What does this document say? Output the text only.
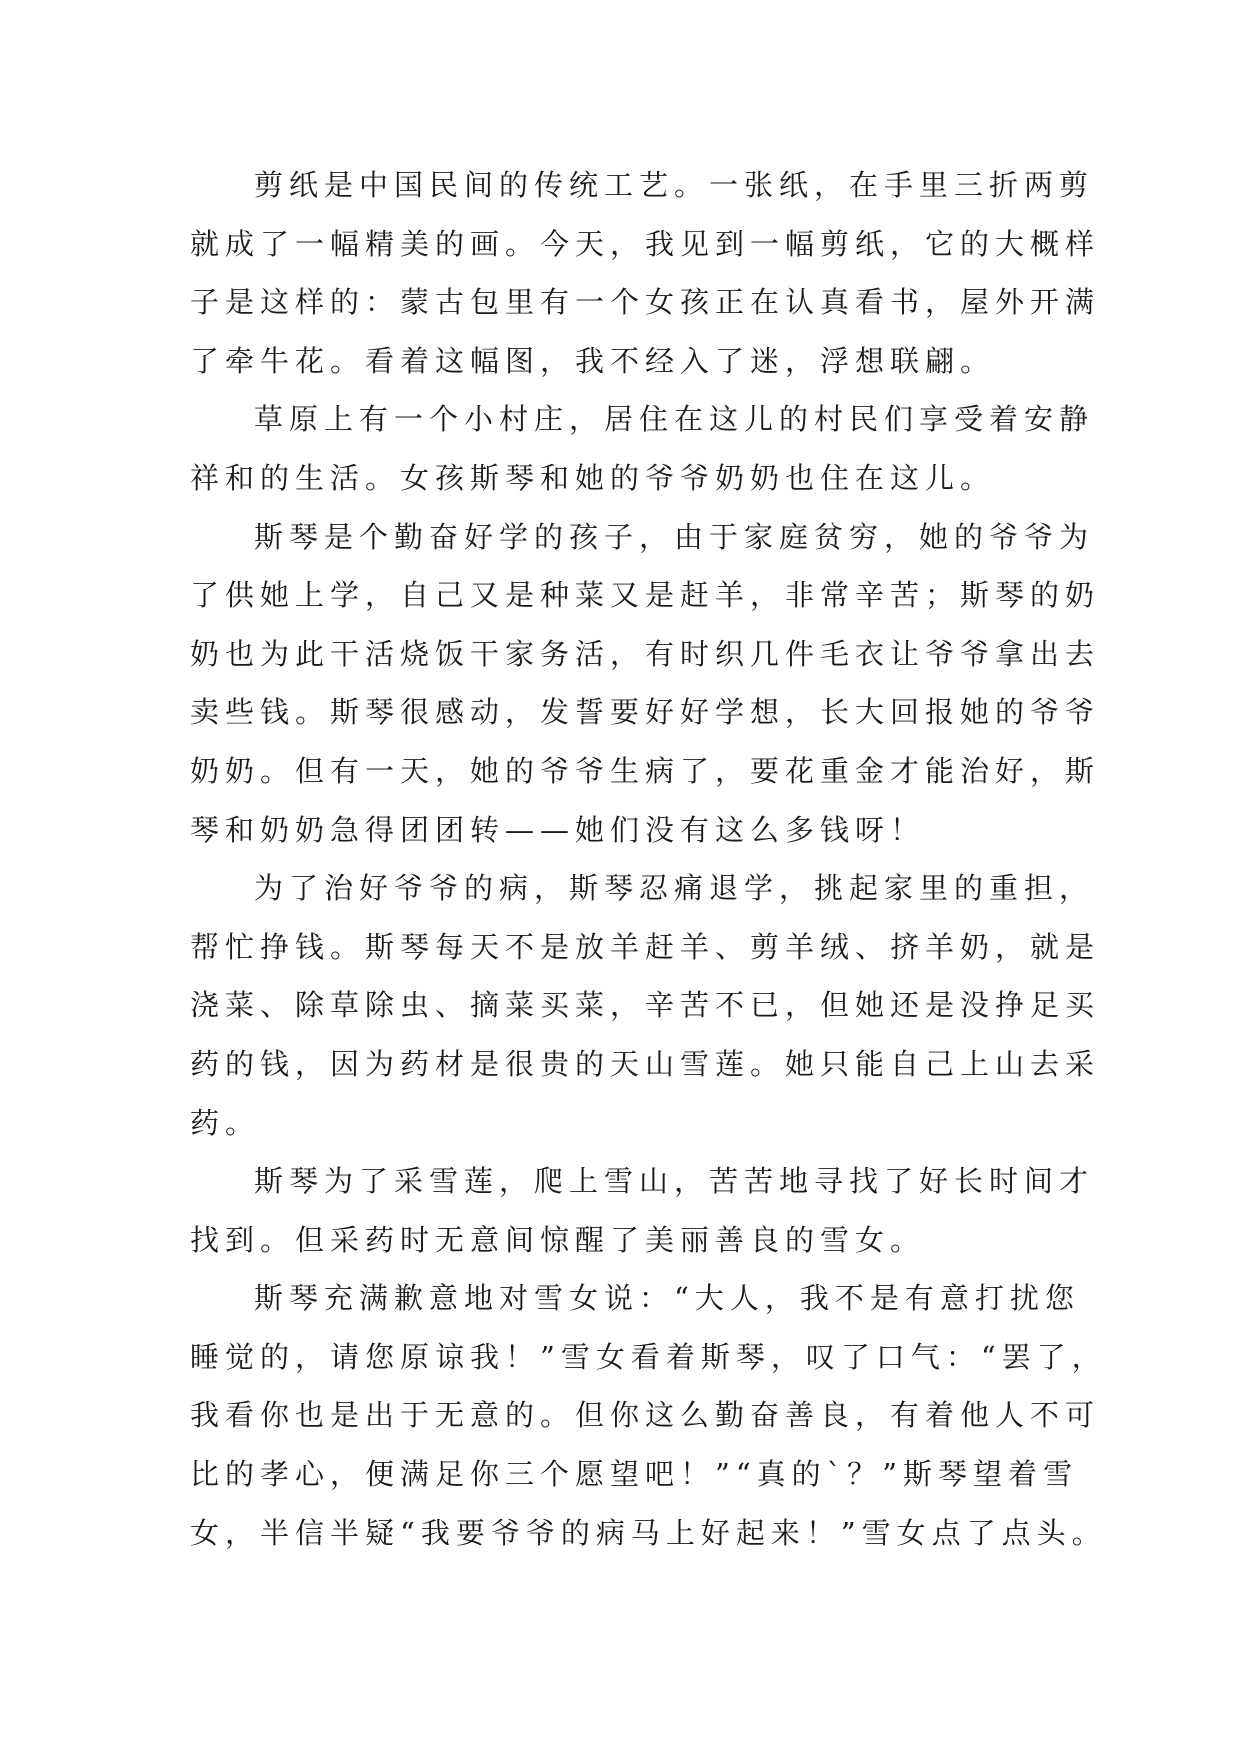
剪纸是中国民间的传统工艺。一张纸，在手里三折两剪
就成了一幅精美的画。今天，我见到一幅剪纸，它的大概样
子是这样的：蒙古包里有一个女孩正在认真看书，屋外开满
了牵牛花。看着这幅图，我不经入了迷，浮想联翩。

草原上有一个小村庄，居住在这儿的村民们享受着安静
祥和的生活。女孩斯琴和她的爷爷奶奶也住在这儿。

斯琴是个勤奋好学的孩子，由于家庭贫穷，她的爷爷为
了供她上学，自己又是种菜又是赶羊，非常辛苦；斯琴的奶
奶也为此干活烧饭干家务活，有时织几件毛衣让爷爷拿出去
卖些钱。斯琴很感动，发誓要好好学想，长大回报她的爷爷
奶奶。但有一天，她的爷爷生病了，要花重金才能治好，斯
琴和奶奶急得团团转——她们没有这么多钱呀！

为了治好爷爷的病，斯琴忍痛退学，挑起家里的重担，
帮忙挣钱。斯琴每天不是放羊赶羊、剪羊绒、挤羊奶，就是
浇菜、除草除虫、摘菜买菜，辛苦不已，但她还是没挣足买
药的钱，因为药材是很贵的天山雪莲。她只能自己上山去采
药。

斯琴为了采雪莲，爬上雪山，苦苦地寻找了好长时间才
找到。但采药时无意间惊醒了美丽善良的雪女。

斯琴充满歉意地对雪女说：“大人，我不是有意打扰您
睡觉的，请您原谅我！”雪女看着斯琴，叹了口气：“罢了，
我看你也是出于无意的。但你这么勤奋善良，有着他人不可
比的孝心，便满足你三个愿望吧！”“真的`？”斯琴望着雪
女，半信半疑“我要爷爷的病马上好起来！”雪女点了点头。
